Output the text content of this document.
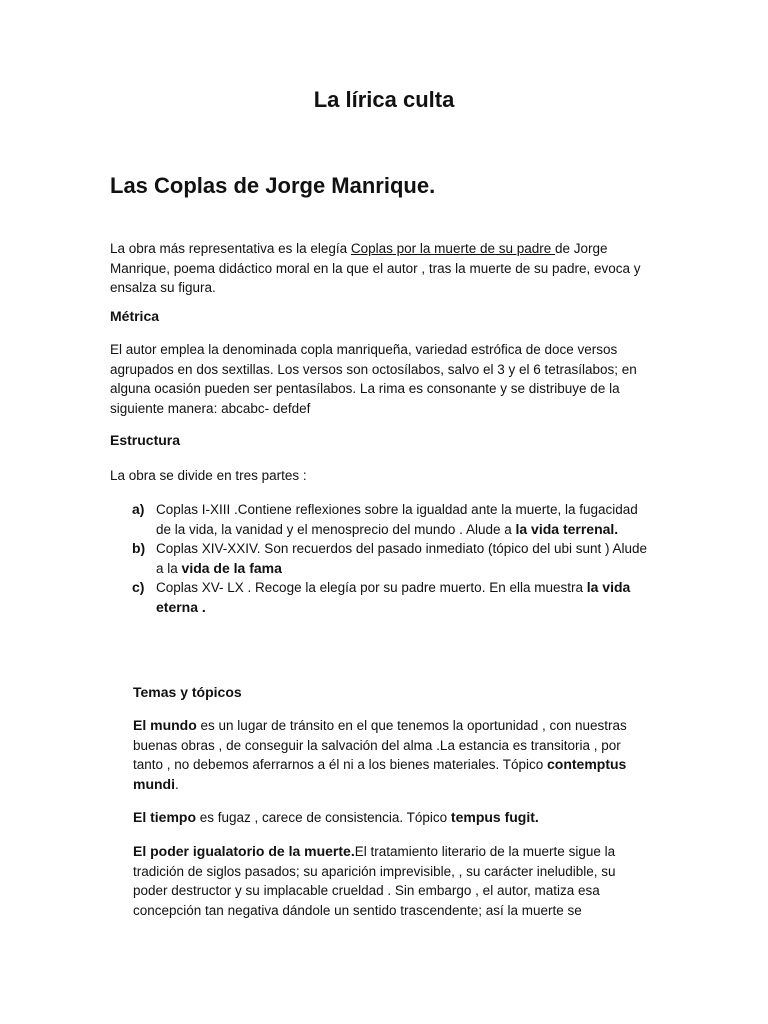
La lírica culta
Las Coplas de Jorge Manrique.

La obra más representativa es la elegía Coplas por la muerte de su padre de Jorge Manrique, poema didáctico moral en la que el autor , tras la muerte de su padre, evoca y ensalza su figura.

Métrica

El autor emplea la denominada copla manriqueña, variedad estrófica de doce versos agrupados en dos sextillas. Los versos son octosílabos, salvo el 3 y el 6 tetrasílabos; en alguna ocasión pueden ser pentasílabos. La rima es consonante y se distribuye de la siguiente manera: abcabc- defdef

Estructura

La obra se divide en tres partes :

a) Coplas I-XIII .Contiene reflexiones sobre la igualdad ante la muerte, la fugacidad de la vida, la vanidad y el menosprecio del mundo . Alude a la vida terrenal.
b) Coplas XIV-XXIV. Son recuerdos del pasado inmediato (tópico del ubi sunt ) Alude a la vida de la fama
c) Coplas XV- LX . Recoge la elegía por su padre muerto. En ella muestra la vida eterna .
Temas y tópicos

El mundo es un lugar de tránsito en el que tenemos la oportunidad , con nuestras buenas obras , de conseguir la salvación del alma .La estancia es transitoria , por tanto , no debemos aferrarnos a él ni a los bienes materiales. Tópico contemptus mundi.

El tiempo es fugaz , carece de consistencia. Tópico tempus fugit.

El poder igualatorio de la muerte.El tratamiento literario de la muerte sigue la tradición de siglos pasados; su aparición imprevisible, , su carácter ineludible, su poder destructor y su implacable crueldad . Sin embargo , el autor, matiza esa concepción tan negativa dándole un sentido trascendente; así la muerte se
